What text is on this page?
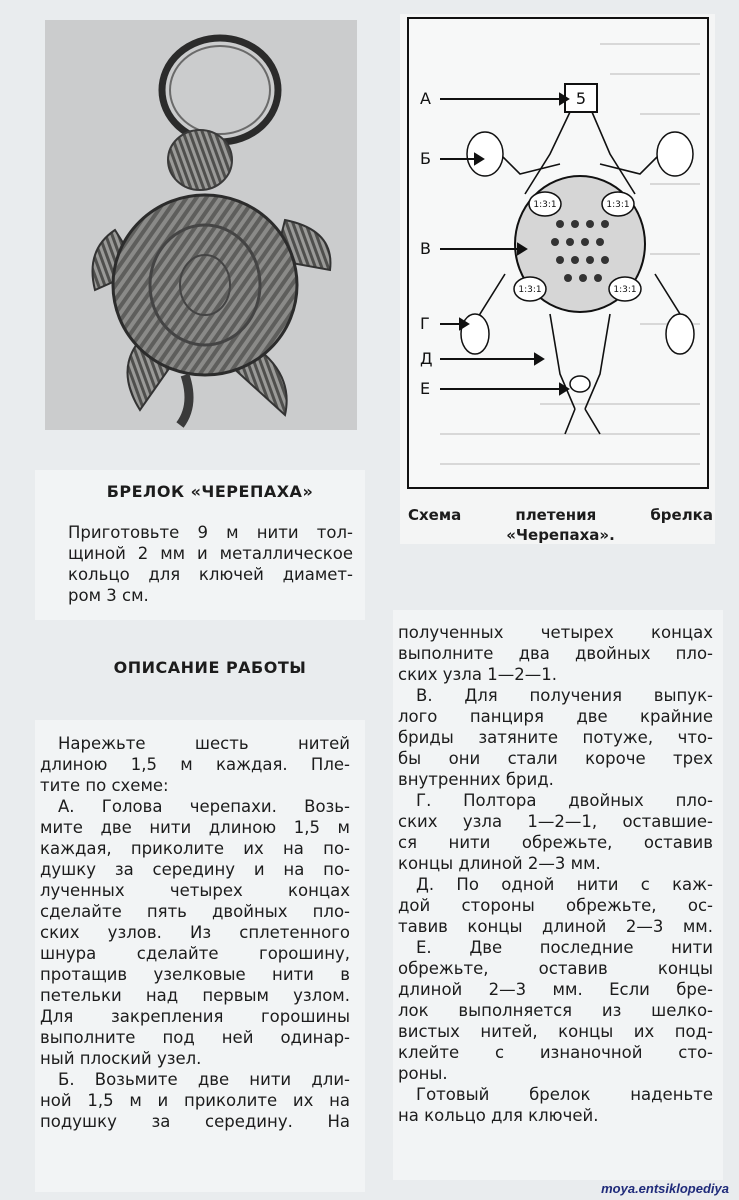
5
1:3:1	1:3:1
1:3:1	1:3:1
А
Б
В
Г
Д
Е
Схема плетения брелка
«Черепаха».
БРЕЛОК «ЧЕРЕПАХА»
Приготовьте 9 м нити тол-
щиной 2 мм и металлическое
кольцо для ключей диамет-
ром 3 см.
ОПИСАНИЕ РАБОТЫ
Нарежьте шесть нитей
длиною 1,5 м каждая. Пле-
тите по схеме:
А. Голова черепахи. Возь-
мите две нити длиною 1,5 м
каждая, приколите их на по-
душку за середину и на по-
лученных четырех концах
сделайте пять двойных пло-
ских узлов. Из сплетенного
шнура сделайте горошину,
протащив узелковые нити в
петельки над первым узлом.
Для закрепления горошины
выполните под ней одинар-
ный плоский узел.
Б. Возьмите две нити дли-
ной 1,5 м и приколите их на
подушку за середину. На
полученных четырех концах
выполните два двойных пло-
ских узла 1—2—1.
В. Для получения выпук-
лого панциря две крайние
бриды затяните потуже, что-
бы они стали короче трех
внутренних брид.
Г. Полтора двойных пло-
ских узла 1—2—1, оставшие-
ся нити обрежьте, оставив
концы длиной 2—3 мм.
Д. По одной нити с каж-
дой стороны обрежьте, ос-
тавив концы длиной 2—3 мм.
Е. Две последние нити
обрежьте, оставив концы
длиной 2—3 мм. Если бре-
лок выполняется из шелко-
вистых нитей, концы их под-
клейте с изнаночной сто-
роны.
Готовый брелок наденьте
на кольцо для ключей.
moya.entsiklopediya
